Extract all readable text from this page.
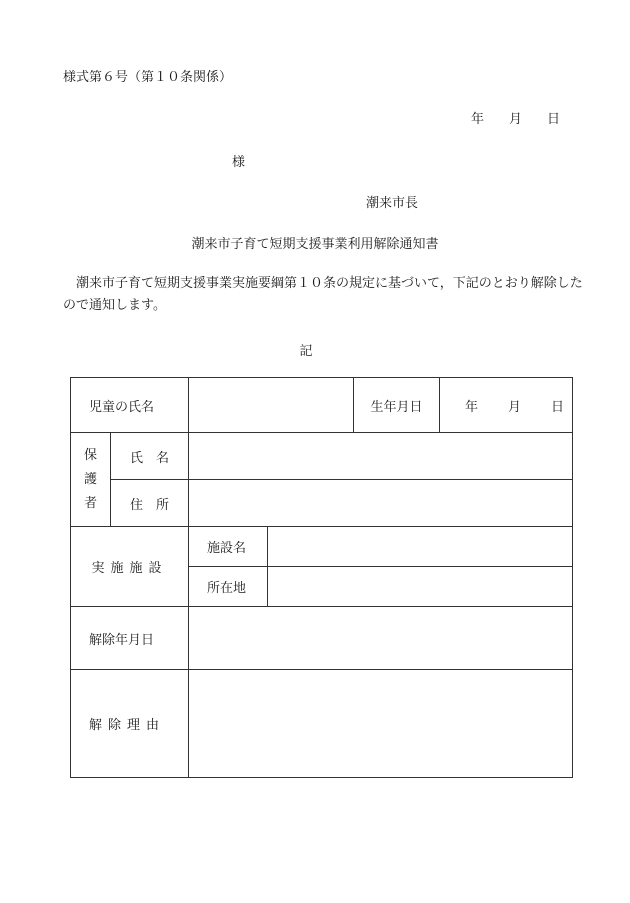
様式第６号（第１０条関係）
年 月 日
様
潮来市長
潮来市子育て短期支援事業利用解除通知書
潮来市子育て短期支援事業実施要綱第１０条の規定に基づいて，下記のとおり解除したので通知します。
記
児童の氏名				生年月日	年 月 日

保
護
者	氏　名				
	住　所				
実施施設		施設名			
		所在地			
解除年月日					
解除理由					
